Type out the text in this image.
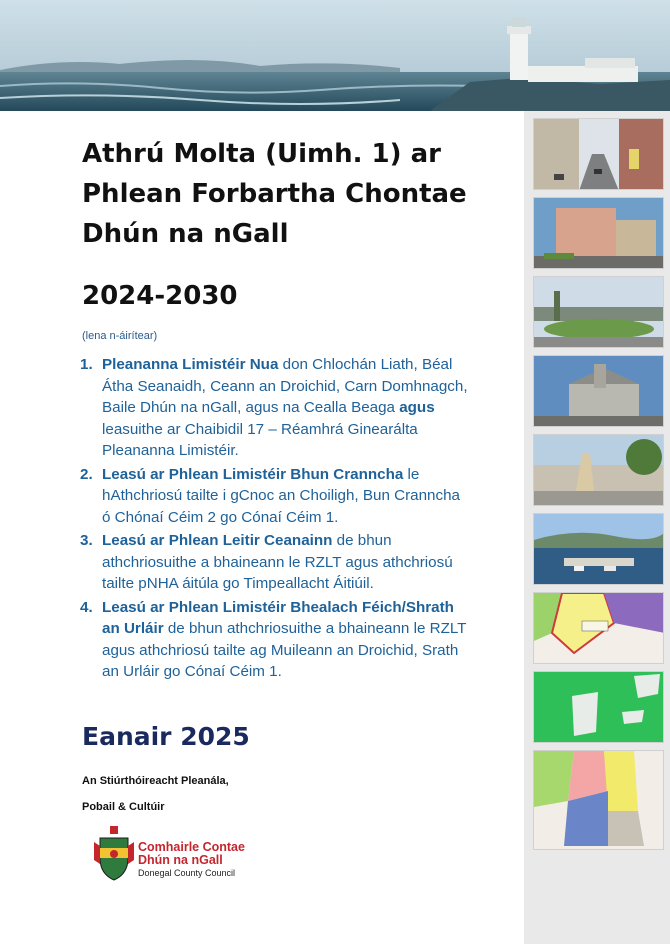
Athrú Molta (Uimh. 1) ar
Phlean Forbartha Chontae
Dhún na nGall
2024-2030
(lena n-áirítear)
1. Pleananna Limistéir Nua don Chlochán Liath, Béal Átha Seanaidh, Ceann an Droichid, Carn Domhnagch, Baile Dhún na nGall, agus na Cealla Beaga agus leasuithe ar Chaibidil 17 – Réamhrá Ginearálta Pleananna Limistéir.
2. Leasú ar Phlean Limistéir Bhun Cranncha le hAthchriosú tailte i gCnoc an Choiligh, Bun Cranncha ó Chónaí Céim 2 go Cónaí Céim 1.
3. Leasú ar Phlean Leitir Ceanainn de bhun athchriosuithe a bhaineann le RZLT agus athchriosú tailte pNHA áitúla go Timpeallacht Áitiúil.
4. Leasú ar Phlean Limistéir Bhealach Féich/Shrath an Urláir de bhun athchriosuithe a bhaineann le RZLT agus athchriosú tailte ag Muileann an Droichid, Srath an Urláir go Cónaí Céim 1.
Eanair 2025
An Stiúrthóireacht Pleanála,
Pobail & Cultúir
Comhairle Contae
Dhún na nGall
Donegal County Council
